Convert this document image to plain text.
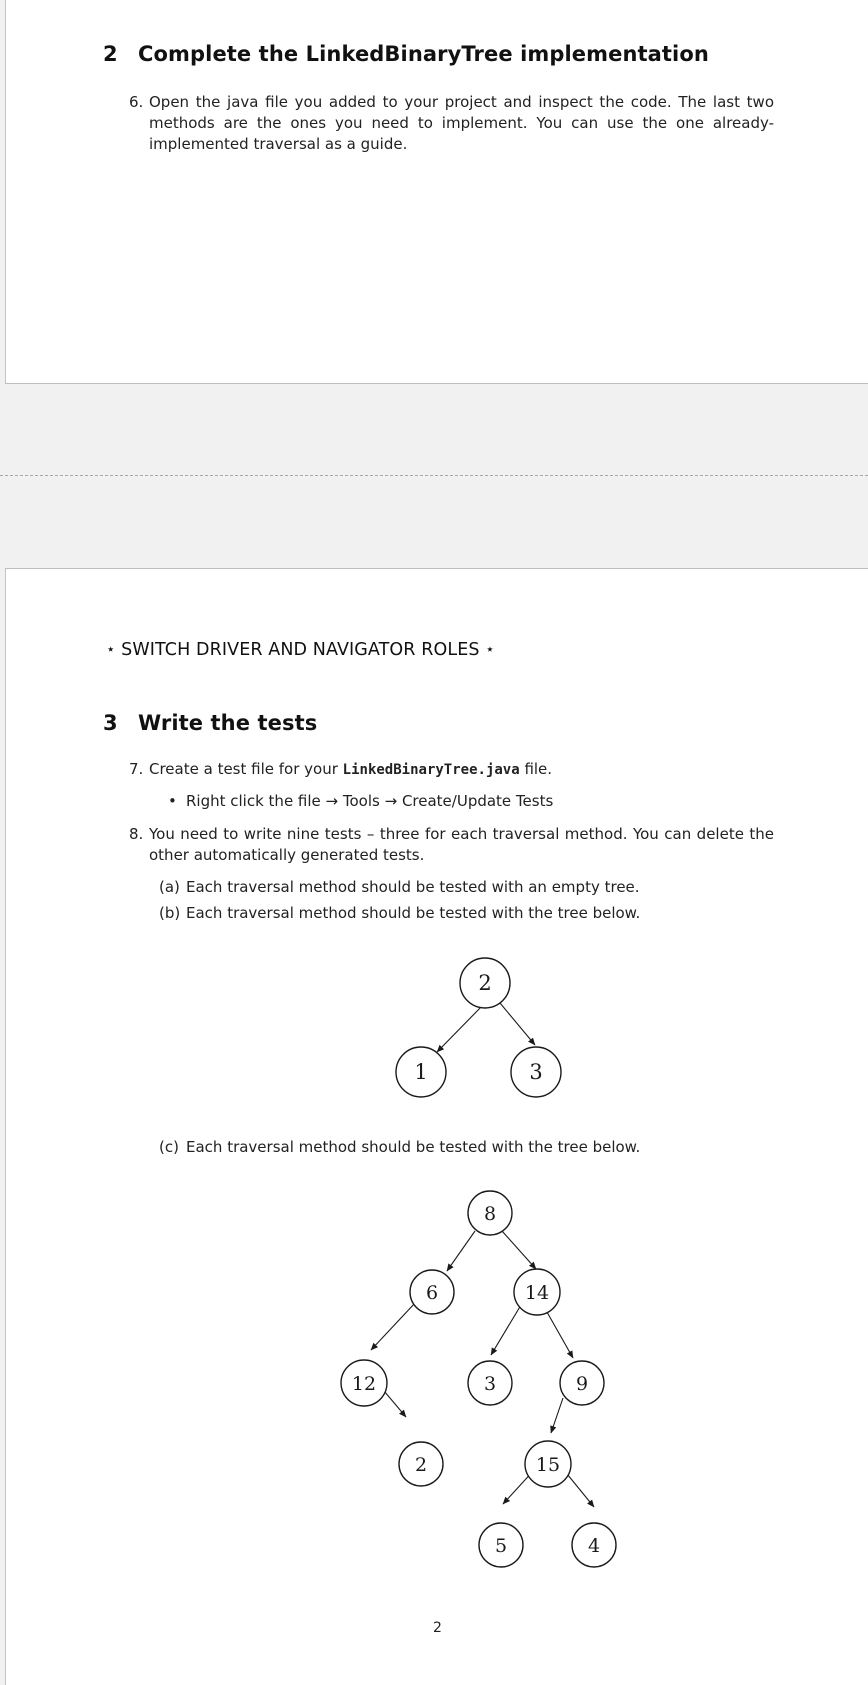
2 Complete the LinkedBinaryTree implementation
6. Open the java file you added to your project and inspect the code. The last two methods are the ones you need to implement. You can use the one already-implemented traversal as a guide.
⋆ SWITCH DRIVER AND NAVIGATOR ROLES ⋆
3 Write the tests
7. Create a test file for your LinkedBinaryTree.java file.
• Right click the file → Tools → Create/Update Tests
8. You need to write nine tests – three for each traversal method. You can delete the other automatically generated tests.
(a) Each traversal method should be tested with an empty tree.
(b) Each traversal method should be tested with the tree below.
2
1	3
(c) Each traversal method should be tested with the tree below.
8
6	14
12	3	9
2	15
5	4
2
